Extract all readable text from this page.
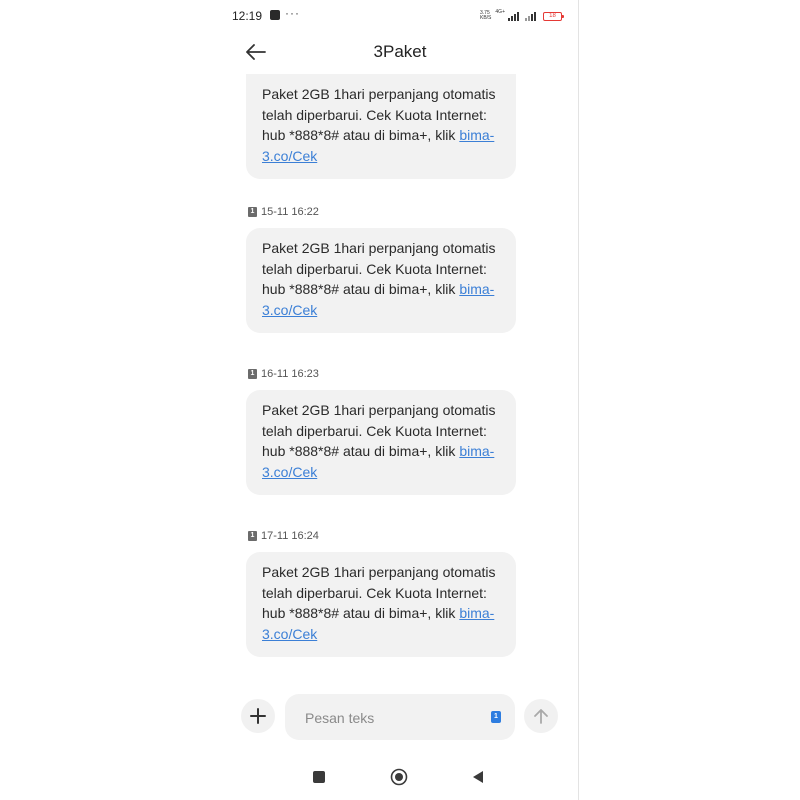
12:19 ···	3.75
KB/S
4G+
18
3Paket
Paket 2GB 1hari perpanjang otomatis telah diperbarui. Cek Kuota Internet: hub *888*8# atau di bima+, klik bima-3.co/Cek
1 15-11 16:22
Paket 2GB 1hari perpanjang otomatis telah diperbarui. Cek Kuota Internet: hub *888*8# atau di bima+, klik bima-3.co/Cek
1 16-11 16:23
Paket 2GB 1hari perpanjang otomatis telah diperbarui. Cek Kuota Internet: hub *888*8# atau di bima+, klik bima-3.co/Cek
1 17-11 16:24
Paket 2GB 1hari perpanjang otomatis telah diperbarui. Cek Kuota Internet: hub *888*8# atau di bima+, klik bima-3.co/Cek
Pesan teks
1
